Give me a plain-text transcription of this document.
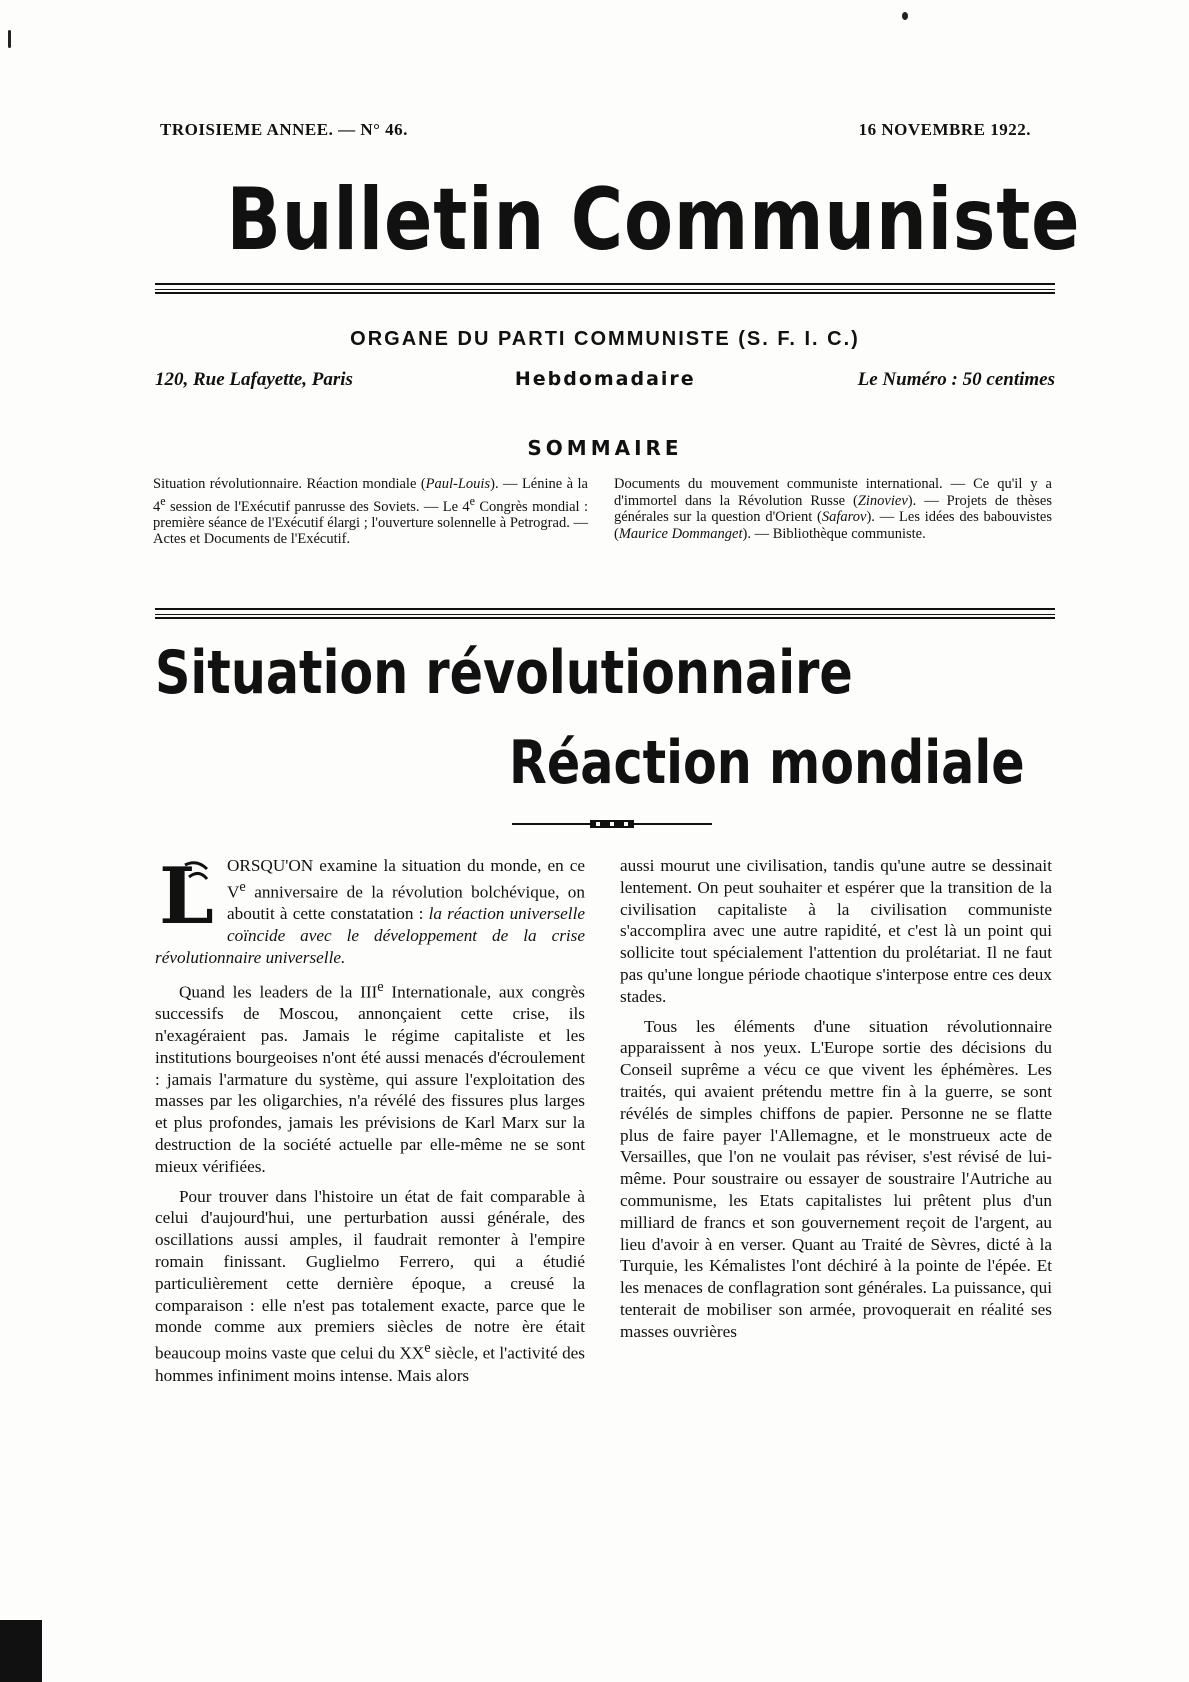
TROISIEME ANNEE. — N° 46.	16 NOVEMBRE 1922.
Bulletin Communiste
ORGANE DU PARTI COMMUNISTE (S. F. I. C.)
120, Rue Lafayette, Paris	Hebdomadaire	Le Numéro : 50 centimes
SOMMAIRE
Situation révolutionnaire. Réaction mondiale (Paul-Louis). — Lénine à la 4e session de l'Exécutif panrusse des Soviets. — Le 4e Congrès mondial : première séance de l'Exécutif élargi ; l'ouverture solennelle à Petrograd. — Actes et Documents de l'Exécutif.
Documents du mouvement communiste international. — Ce qu'il y a d'immortel dans la Révolution Russe (Zinoviev). — Projets de thèses générales sur la question d'Orient (Safarov). — Les idées des babouvistes (Maurice Dommanget). — Bibliothèque communiste.
Situation révolutionnaire
Réaction mondiale
L ORSQU'ON examine la situation du monde, en ce Ve anniversaire de la révolution bolchévique, on aboutit à cette constatation : la réaction universelle coïncide avec le développement de la crise révolutionnaire universelle.

Quand les leaders de la IIIe Internationale, aux congrès successifs de Moscou, annonçaient cette crise, ils n'exagéraient pas. Jamais le régime capitaliste et les institutions bourgeoises n'ont été aussi menacés d'écroulement : jamais l'armature du système, qui assure l'exploitation des masses par les oligarchies, n'a révélé des fissures plus larges et plus profondes, jamais les prévisions de Karl Marx sur la destruction de la société actuelle par elle-même ne se sont mieux vérifiées.

Pour trouver dans l'histoire un état de fait comparable à celui d'aujourd'hui, une perturbation aussi générale, des oscillations aussi amples, il faudrait remonter à l'empire romain finissant. Guglielmo Ferrero, qui a étudié particulièrement cette dernière époque, a creusé la comparaison : elle n'est pas totalement exacte, parce que le monde comme aux premiers siècles de notre ère était beaucoup moins vaste que celui du XXe siècle, et l'activité des hommes infiniment moins intense. Mais alors

aussi mourut une civilisation, tandis qu'une autre se dessinait lentement. On peut souhaiter et espérer que la transition de la civilisation capitaliste à la civilisation communiste s'accomplira avec une autre rapidité, et c'est là un point qui sollicite tout spécialement l'attention du prolétariat. Il ne faut pas qu'une longue période chaotique s'interpose entre ces deux stades.

Tous les éléments d'une situation révolutionnaire apparaissent à nos yeux. L'Europe sortie des décisions du Conseil suprême a vécu ce que vivent les éphémères. Les traités, qui avaient prétendu mettre fin à la guerre, se sont révélés de simples chiffons de papier. Personne ne se flatte plus de faire payer l'Allemagne, et le monstrueux acte de Versailles, que l'on ne voulait pas réviser, s'est révisé de lui-même. Pour soustraire ou essayer de soustraire l'Autriche au communisme, les Etats capitalistes lui prêtent plus d'un milliard de francs et son gouvernement reçoit de l'argent, au lieu d'avoir à en verser. Quant au Traité de Sèvres, dicté à la Turquie, les Kémalistes l'ont déchiré à la pointe de l'épée. Et les menaces de conflagration sont générales. La puissance, qui tenterait de mobiliser son armée, provoquerait en réalité ses masses ouvrières
